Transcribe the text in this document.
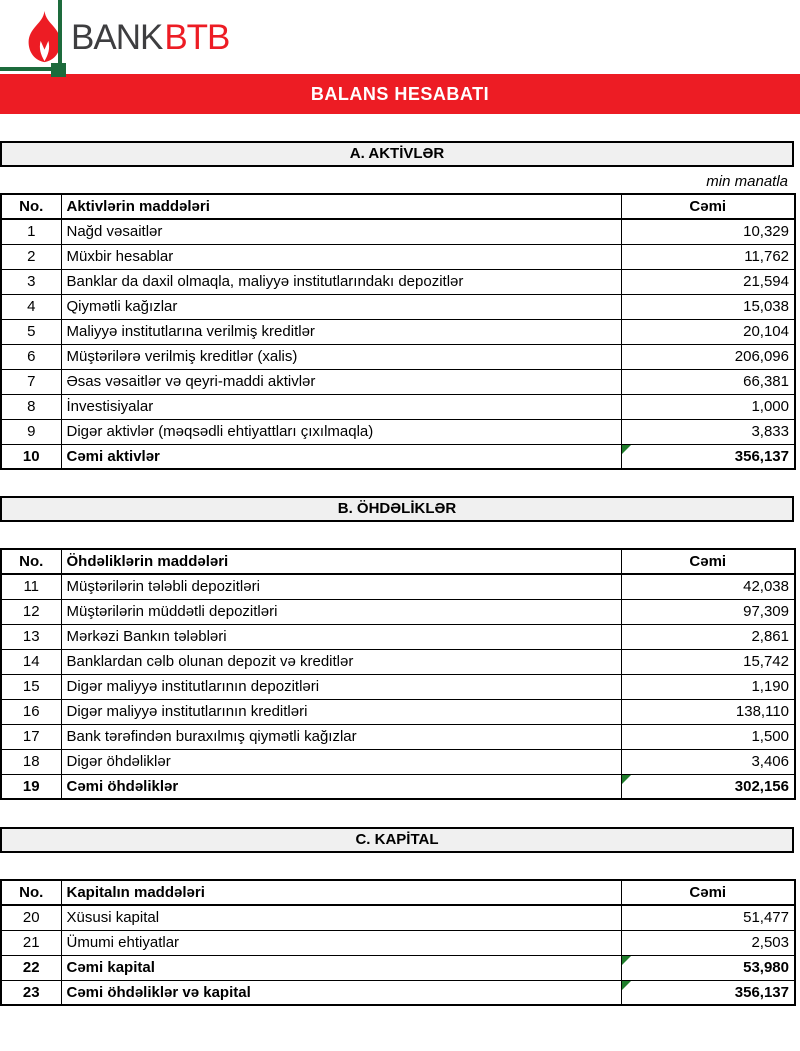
BANKBTB
BALANS HESABATI
A. AKTİVLƏR
min manatla
No.	Aktivlərin maddələri	Cəmi
1	Nağd vəsaitlər	10,329
2	Müxbir hesablar	11,762
3	Banklar da daxil olmaqla, maliyyə institutlarındakı depozitlər	21,594
4	Qiymətli kağızlar	15,038
5	Maliyyə institutlarına verilmiş kreditlər	20,104
6	Müştərilərə verilmiş kreditlər (xalis)	206,096
7	Əsas vəsaitlər və qeyri-maddi aktivlər	66,381
8	İnvestisiyalar	1,000
9	Digər aktivlər (məqsədli ehtiyattları çıxılmaqla)	3,833
10	Cəmi aktivlər	356,137
B. ÖHDƏLİKLƏR
No.	Öhdəliklərin maddələri	Cəmi
11	Müştərilərin tələbli depozitləri	42,038
12	Müştərilərin müddətli depozitləri	97,309
13	Mərkəzi Bankın tələbləri	2,861
14	Banklardan cəlb olunan depozit və kreditlər	15,742
15	Digər maliyyə institutlarının depozitləri	1,190
16	Digər maliyyə institutlarının kreditləri	138,110
17	Bank tərəfindən buraxılmış qiymətli kağızlar	1,500
18	Digər öhdəliklər	3,406
19	Cəmi öhdəliklər	302,156
C. KAPİTAL
No.	Kapitalın maddələri	Cəmi
20	Xüsusi kapital	51,477
21	Ümumi ehtiyatlar	2,503
22	Cəmi kapital	53,980
23	Cəmi öhdəliklər və kapital	356,137
